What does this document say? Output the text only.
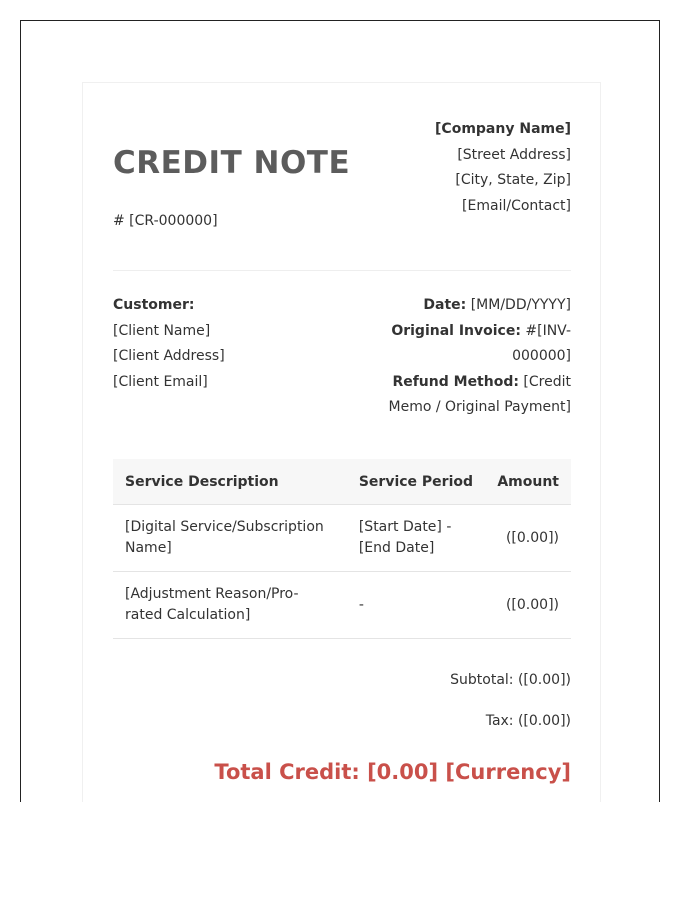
CREDIT NOTE
# [CR-000000]
[Company Name]
[Street Address]
[City, State, Zip]
[Email/Contact]
Customer:
[Client Name]
[Client Address]
[Client Email]
Date: [MM/DD/YYYY]
Original Invoice: #[INV-000000]
Refund Method: [Credit Memo / Original Payment]
Service Description	Service Period	Amount
[Digital Service/Subscription Name]	[Start Date] - [End Date]	([0.00])
[Adjustment Reason/Pro-rated Calculation]	-	([0.00])
Subtotal: ([0.00])
Tax: ([0.00])
Total Credit: [0.00] [Currency]
